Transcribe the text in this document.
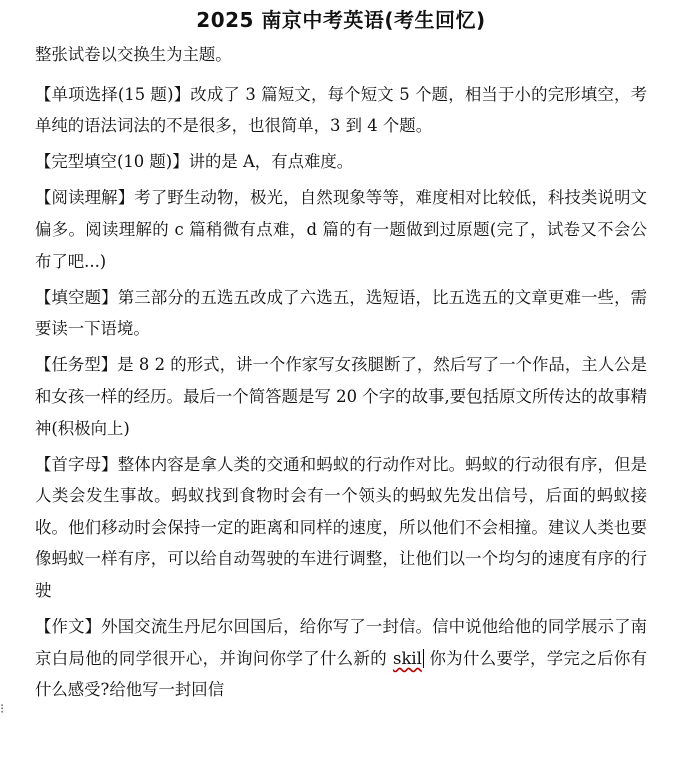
2025 南京中考英语(考生回忆)

整张试卷以交换生为主题。

【单项选择(15 题)】改成了 3 篇短文，每个短文 5 个题，相当于小的完形填空，考单纯的语法词法的不是很多，也很简单，3 到 4 个题。

【完型填空(10 题)】讲的是 A，有点难度。

【阅读理解】考了野生动物，极光，自然现象等等，难度相对比较低，科技类说明文偏多。阅读理解的 c 篇稍微有点难，d 篇的有一题做到过原题(完了，试卷又不会公布了吧...)

【填空题】第三部分的五选五改成了六选五，选短语，比五选五的文章更难一些，需要读一下语境。

【任务型】是 8 2 的形式，讲一个作家写女孩腿断了，然后写了一个作品，主人公是和女孩一样的经历。最后一个简答题是写 20 个字的故事,要包括原文所传达的故事精神(积极向上)

【首字母】整体内容是拿人类的交通和蚂蚁的行动作对比。蚂蚁的行动很有序，但是人类会发生事故。蚂蚁找到食物时会有一个领头的蚂蚁先发出信号，后面的蚂蚁接收。他们移动时会保持一定的距离和同样的速度，所以他们不会相撞。建议人类也要像蚂蚁一样有序，可以给自动驾驶的车进行调整，让他们以一个均匀的速度有序的行驶

【作文】外国交流生丹尼尔回国后，给你写了一封信。信中说他给他的同学展示了南京白局他的同学很开心，并询问你学了什么新的 skil 你为什么要学，学完之后你有什么感受?给他写一封回信

⁝
